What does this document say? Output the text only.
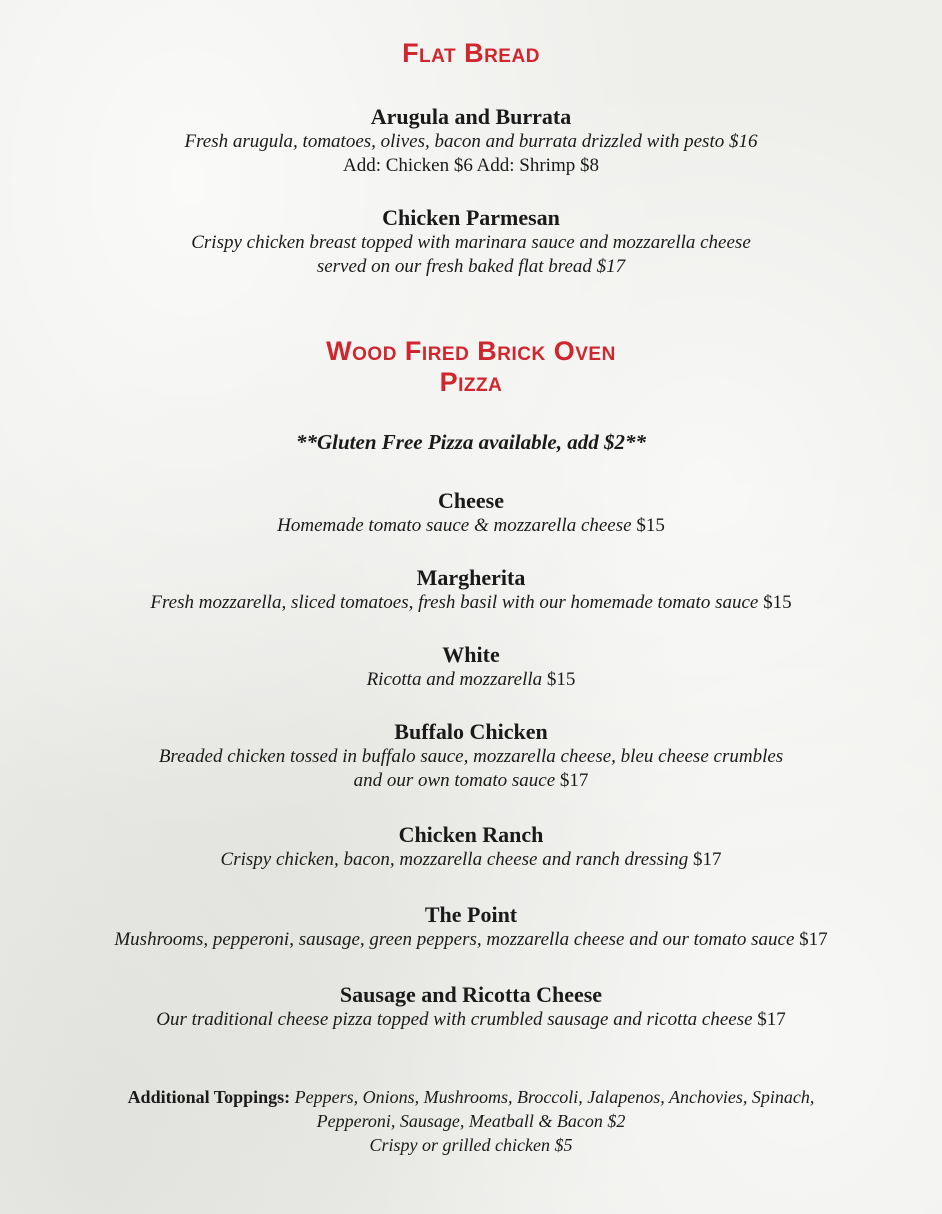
Flat Bread
Arugula and Burrata
Fresh arugula, tomatoes, olives, bacon and burrata drizzled with pesto $16
Add: Chicken $6 Add: Shrimp $8
Chicken Parmesan
Crispy chicken breast topped with marinara sauce and mozzarella cheese
served on our fresh baked flat bread $17
Wood Fired Brick Oven
Pizza
**Gluten Free Pizza available, add $2**
Cheese
Homemade tomato sauce & mozzarella cheese $15
Margherita
Fresh mozzarella, sliced tomatoes, fresh basil with our homemade tomato sauce $15
White
Ricotta and mozzarella $15
Buffalo Chicken
Breaded chicken tossed in buffalo sauce, mozzarella cheese, bleu cheese crumbles
and our own tomato sauce $17
Chicken Ranch
Crispy chicken, bacon, mozzarella cheese and ranch dressing $17
The Point
Mushrooms, pepperoni, sausage, green peppers, mozzarella cheese and our tomato sauce $17
Sausage and Ricotta Cheese
Our traditional cheese pizza topped with crumbled sausage and ricotta cheese $17
Additional Toppings: Peppers, Onions, Mushrooms, Broccoli, Jalapenos, Anchovies, Spinach,
Pepperoni, Sausage, Meatball & Bacon $2
Crispy or grilled chicken $5
